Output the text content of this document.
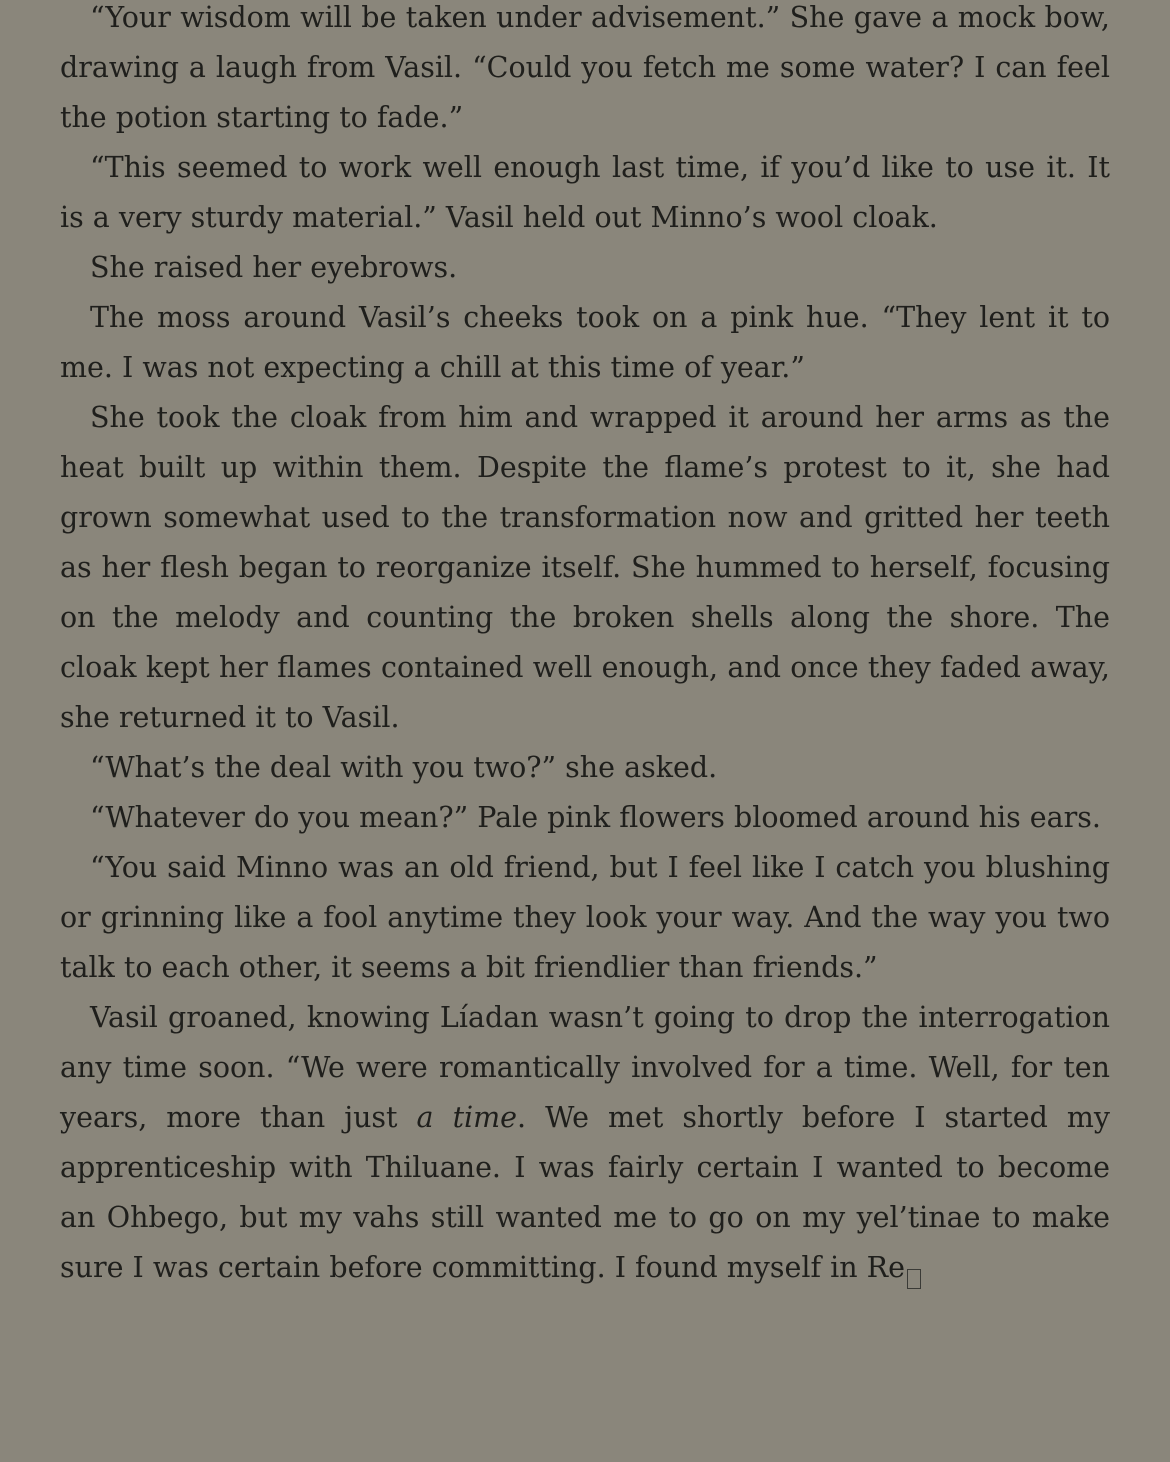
“Your wisdom will be taken under advisement.” She gave a mock bow, drawing a laugh from Vasil. “Could you fetch me some water? I can feel the potion starting to fade.”

“This seemed to work well enough last time, if you’d like to use it. It is a very sturdy material.” Vasil held out Minno’s wool cloak.

She raised her eyebrows.

The moss around Vasil’s cheeks took on a pink hue. “They lent it to me. I was not expecting a chill at this time of year.”

She took the cloak from him and wrapped it around her arms as the heat built up within them. Despite the flame’s protest to it, she had grown somewhat used to the transformation now and gritted her teeth as her flesh began to reorganize itself. She hummed to herself, focusing on the melody and counting the broken shells along the shore. The cloak kept her flames contained well enough, and once they faded away, she returned it to Vasil.

“What’s the deal with you two?” she asked.

“Whatever do you mean?” Pale pink flowers bloomed around his ears.

“You said Minno was an old friend, but I feel like I catch you blushing or grinning like a fool anytime they look your way. And the way you two talk to each other, it seems a bit friendlier than friends.”

Vasil groaned, knowing Líadan wasn’t going to drop the interrogation any time soon. “We were romantically involved for a time. Well, for ten years, more than just a time. We met shortly before I started my apprenticeship with Thiluane. I was fairly certain I wanted to become an Ohbego, but my vahs still wanted me to go on my yel’tinae to make sure I was certain before committing. I found myself in Re
